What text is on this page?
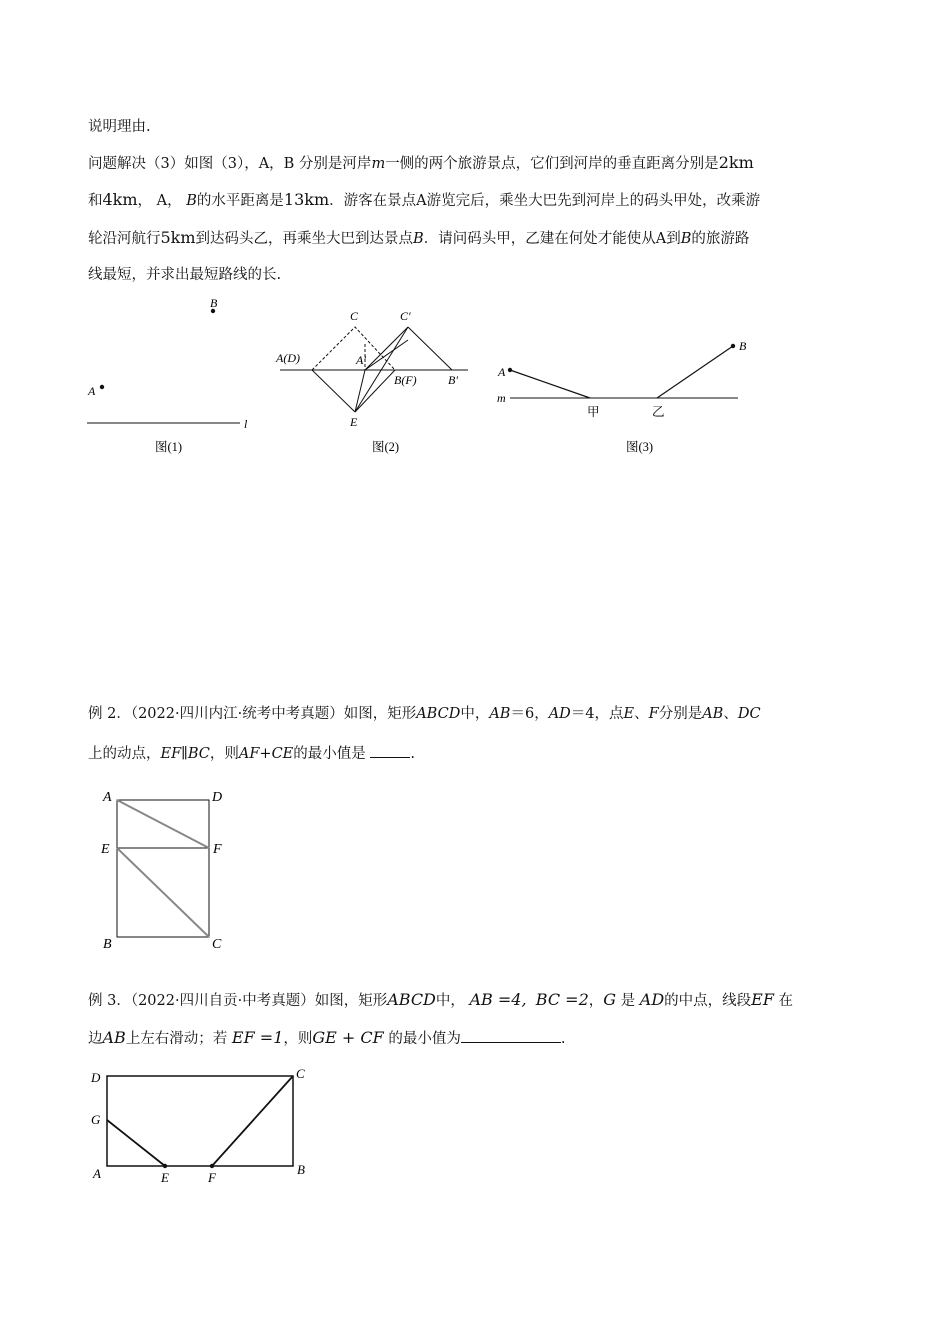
说明理由.
问题解决（3）如图（3），A，B 分别是河岸m一侧的两个旅游景点，它们到河岸的垂直距离分别是2km
和4km， A， B的水平距离是13km．游客在景点A游览完后，乘坐大巴先到河岸上的码头甲处，改乘游
轮沿河航行5km到达码头乙，再乘坐大巴到达景点B．请问码头甲，乙建在何处才能使从A到B的旅游路
线最短，并求出最短路线的长.
B
A
l
图(1)
C	C′
A(D)	A′
B(F)	B′
E
图(2)
A
B
m
甲	乙
图(3)
例 2．（2022·四川内江·统考中考真题）如图，矩形ABCD中，AB＝6，AD＝4，点E、F分别是AB、DC
上的动点，EF∥BC，则AF+CE的最小值是	.
A	D
E	F
B	C
例 3．（2022·四川自贡·中考真题）如图，矩形ABCD中， AB =4, BC =2，G 是 AD的中点，线段EF 在
边AB上左右滑动；若 EF =1，则GE + CF 的最小值为	.
D	C
G
A	E	F
B
